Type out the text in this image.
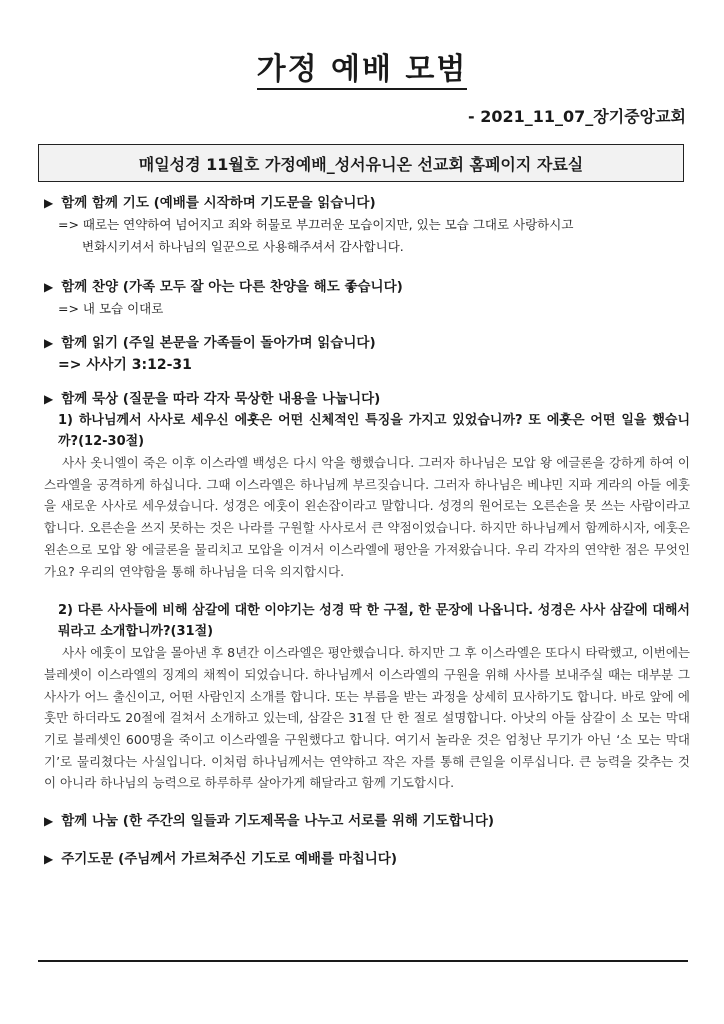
가정 예배 모범
- 2021_11_07_장기중앙교회
매일성경 11월호 가정예배_성서유니온 선교회 홈페이지 자료실
▶ 함께 함께 기도 (예배를 시작하며 기도문을 읽습니다)
=> 때로는 연약하여 넘어지고 죄와 허물로 부끄러운 모습이지만, 있는 모습 그대로 사랑하시고
변화시키셔서 하나님의 일꾼으로 사용해주셔서 감사합니다.
▶ 함께 찬양 (가족 모두 잘 아는 다른 찬양을 해도 좋습니다)
=> 내 모습 이대로
▶ 함께 읽기 (주일 본문을 가족들이 돌아가며 읽습니다)
=> 사사기 3:12-31
▶ 함께 묵상 (질문을 따라 각자 묵상한 내용을 나눕니다)
1) 하나님께서 사사로 세우신 에훗은 어떤 신체적인 특징을 가지고 있었습니까? 또 에훗은 어떤 일을 했습니까?(12-30절)
사사 옷니엘이 죽은 이후 이스라엘 백성은 다시 악을 행했습니다. 그러자 하나님은 모압 왕 에글론을 강하게 하여 이스라엘을 공격하게 하십니다. 그때 이스라엘은 하나님께 부르짖습니다. 그러자 하나님은 베냐민 지파 게라의 아들 에훗을 새로운 사사로 세우셨습니다. 성경은 에훗이 왼손잡이라고 말합니다. 성경의 원어로는 오른손을 못 쓰는 사람이라고 합니다. 오른손을 쓰지 못하는 것은 나라를 구원할 사사로서 큰 약점이었습니다. 하지만 하나님께서 함께하시자, 에훗은 왼손으로 모압 왕 에글론을 물리치고 모압을 이겨서 이스라엘에 평안을 가져왔습니다. 우리 각자의 연약한 점은 무엇인가요? 우리의 연약함을 통해 하나님을 더욱 의지합시다.
2) 다른 사사들에 비해 삼갈에 대한 이야기는 성경 딱 한 구절, 한 문장에 나옵니다. 성경은 사사 삼갈에 대해서 뭐라고 소개합니까?(31절)
사사 에훗이 모압을 몰아낸 후 8년간 이스라엘은 평안했습니다. 하지만 그 후 이스라엘은 또다시 타락했고, 이번에는 블레셋이 이스라엘의 징계의 채찍이 되었습니다. 하나님께서 이스라엘의 구원을 위해 사사를 보내주실 때는 대부분 그 사사가 어느 출신이고, 어떤 사람인지 소개를 합니다. 또는 부름을 받는 과정을 상세히 묘사하기도 합니다. 바로 앞에 에훗만 하더라도 20절에 걸쳐서 소개하고 있는데, 삼갈은 31절 단 한 절로 설명합니다. 아낫의 아들 삼갈이 소 모는 막대기로 블레셋인 600명을 죽이고 이스라엘을 구원했다고 합니다. 여기서 놀라운 것은 엄청난 무기가 아닌 ‘소 모는 막대기’로 물리쳤다는 사실입니다. 이처럼 하나님께서는 연약하고 작은 자를 통해 큰일을 이루십니다. 큰 능력을 갖추는 것이 아니라 하나님의 능력으로 하루하루 살아가게 해달라고 함께 기도합시다.
▶ 함께 나눔 (한 주간의 일들과 기도제목을 나누고 서로를 위해 기도합니다)
▶ 주기도문 (주님께서 가르쳐주신 기도로 예배를 마칩니다)
